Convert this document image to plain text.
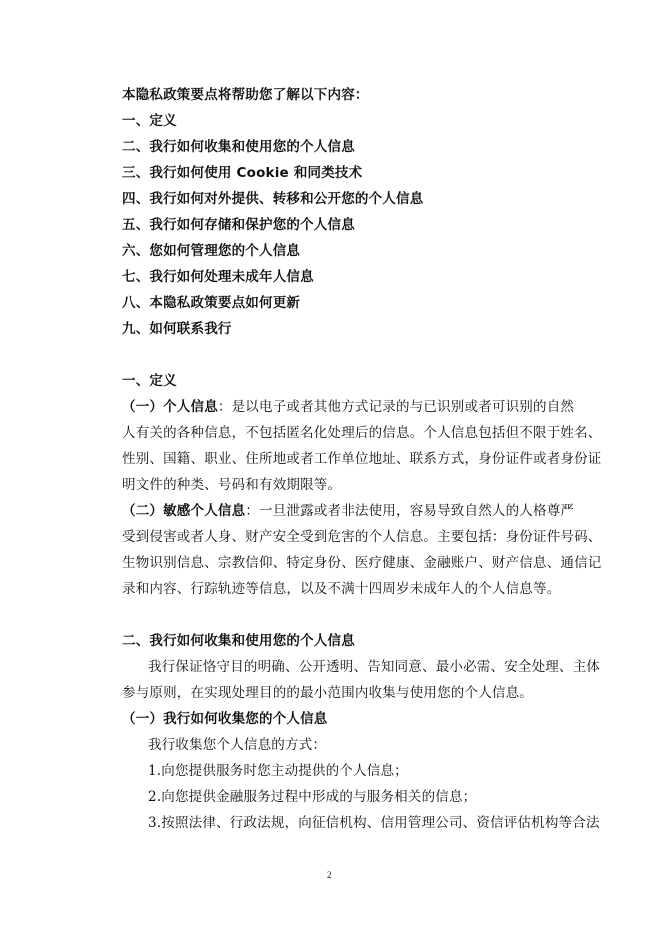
本隐私政策要点将帮助您了解以下内容：
一、定义
二、我行如何收集和使用您的个人信息
三、我行如何使用 Cookie 和同类技术
四、我行如何对外提供、转移和公开您的个人信息
五、我行如何存储和保护您的个人信息
六、您如何管理您的个人信息
七、我行如何处理未成年人信息
八、本隐私政策要点如何更新
九、如何联系我行
一、定义
（一）个人信息：是以电子或者其他方式记录的与已识别或者可识别的自然
人有关的各种信息，不包括匿名化处理后的信息。个人信息包括但不限于姓名、
性别、国籍、职业、住所地或者工作单位地址、联系方式，身份证件或者身份证
明文件的种类、号码和有效期限等。
（二）敏感个人信息：一旦泄露或者非法使用，容易导致自然人的人格尊严
受到侵害或者人身、财产安全受到危害的个人信息。主要包括：身份证件号码、
生物识别信息、宗教信仰、特定身份、医疗健康、金融账户、财产信息、通信记
录和内容、行踪轨迹等信息，以及不满十四周岁未成年人的个人信息等。
二、我行如何收集和使用您的个人信息
我行保证恪守目的明确、公开透明、告知同意、最小必需、安全处理、主体
参与原则，在实现处理目的的最小范围内收集与使用您的个人信息。
（一）我行如何收集您的个人信息
我行收集您个人信息的方式：
1.向您提供服务时您主动提供的个人信息；
2.向您提供金融服务过程中形成的与服务相关的信息；
3.按照法律、行政法规，向征信机构、信用管理公司、资信评估机构等合法
2
